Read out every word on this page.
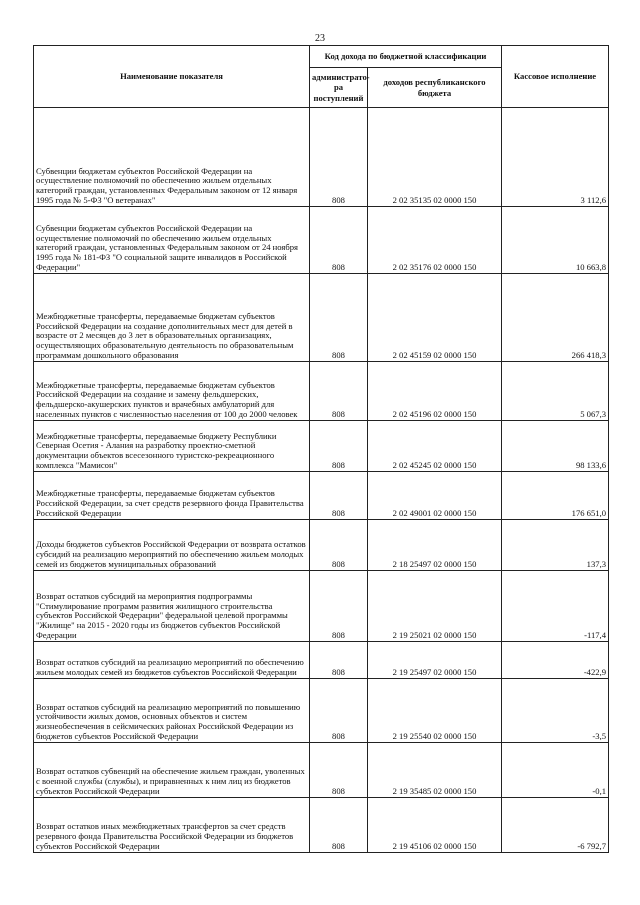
23
Наименование показателя	Код дохода по бюджетной классификации		Кассовое исполнение
	администрато-ра поступлений	доходов республиканского бюджета	
Субвенции бюджетам субъектов Российской Федерации на осуществление полномочий по обеспечению жильем отдельных категорий граждан, установленных Федеральным законом от 12 января 1995 года № 5-ФЗ "О ветеранах"	808	2 02 35135 02 0000 150	3 112,6
Субвенции бюджетам субъектов Российской Федерации на осуществление полномочий по обеспечению жильем отдельных категорий граждан, установленных Федеральным законом от 24 ноября 1995 года № 181-ФЗ "О социальной защите инвалидов в Российской Федерации"	808	2 02 35176 02 0000 150	10 663,8
Межбюджетные трансферты, передаваемые бюджетам субъектов Российской Федерации на создание дополнительных мест для детей в возрасте от 2 месяцев до 3 лет в образовательных организациях, осуществляющих образовательную деятельность по образовательным программам дошкольного образования	808	2 02 45159 02 0000 150	266 418,3
Межбюджетные трансферты, передаваемые бюджетам субъектов Российской Федерации на создание и замену фельдшерских, фельдшерско-акушерских пунктов и врачебных амбулаторий для населенных пунктов с численностью населения от 100 до 2000 человек	808	2 02 45196 02 0000 150	5 067,3
Межбюджетные трансферты, передаваемые бюджету Республики Северная Осетия - Алания на разработку проектно-сметной документации объектов всесезонного туристско-рекреационного комплекса "Мамисон"	808	2 02 45245 02 0000 150	98 133,6
Межбюджетные трансферты, передаваемые бюджетам субъектов Российской Федерации, за счет средств резервного фонда Правительства Российской Федерации	808	2 02 49001 02 0000 150	176 651,0
Доходы бюджетов субъектов Российской Федерации от возврата остатков субсидий на реализацию мероприятий по обеспечению жильем молодых семей из бюджетов муниципальных образований	808	2 18 25497 02 0000 150	137,3
Возврат остатков субсидий на мероприятия подпрограммы "Стимулирование программ развития жилищного строительства субъектов Российской Федерации" федеральной целевой программы "Жилище" на 2015 - 2020 годы из бюджетов субъектов Российской Федерации	808	2 19 25021 02 0000 150	-117,4
Возврат остатков субсидий на реализацию мероприятий по обеспечению жильем молодых семей из бюджетов субъектов Российской Федерации	808	2 19 25497 02 0000 150	-422,9
Возврат остатков субсидий на реализацию мероприятий по повышению устойчивости жилых домов, основных объектов и систем жизнеобеспечения в сейсмических районах Российской Федерации из бюджетов субъектов Российской Федерации	808	2 19 25540 02 0000 150	-3,5
Возврат остатков субвенций на обеспечение жильем граждан, уволенных с военной службы (службы), и приравненных к ним лиц из бюджетов субъектов Российской Федерации	808	2 19 35485 02 0000 150	-0,1
Возврат остатков иных межбюджетных трансфертов за счет средств резервного фонда Правительства Российской Федерации из бюджетов субъектов Российской Федерации	808	2 19 45106 02 0000 150	-6 792,7
